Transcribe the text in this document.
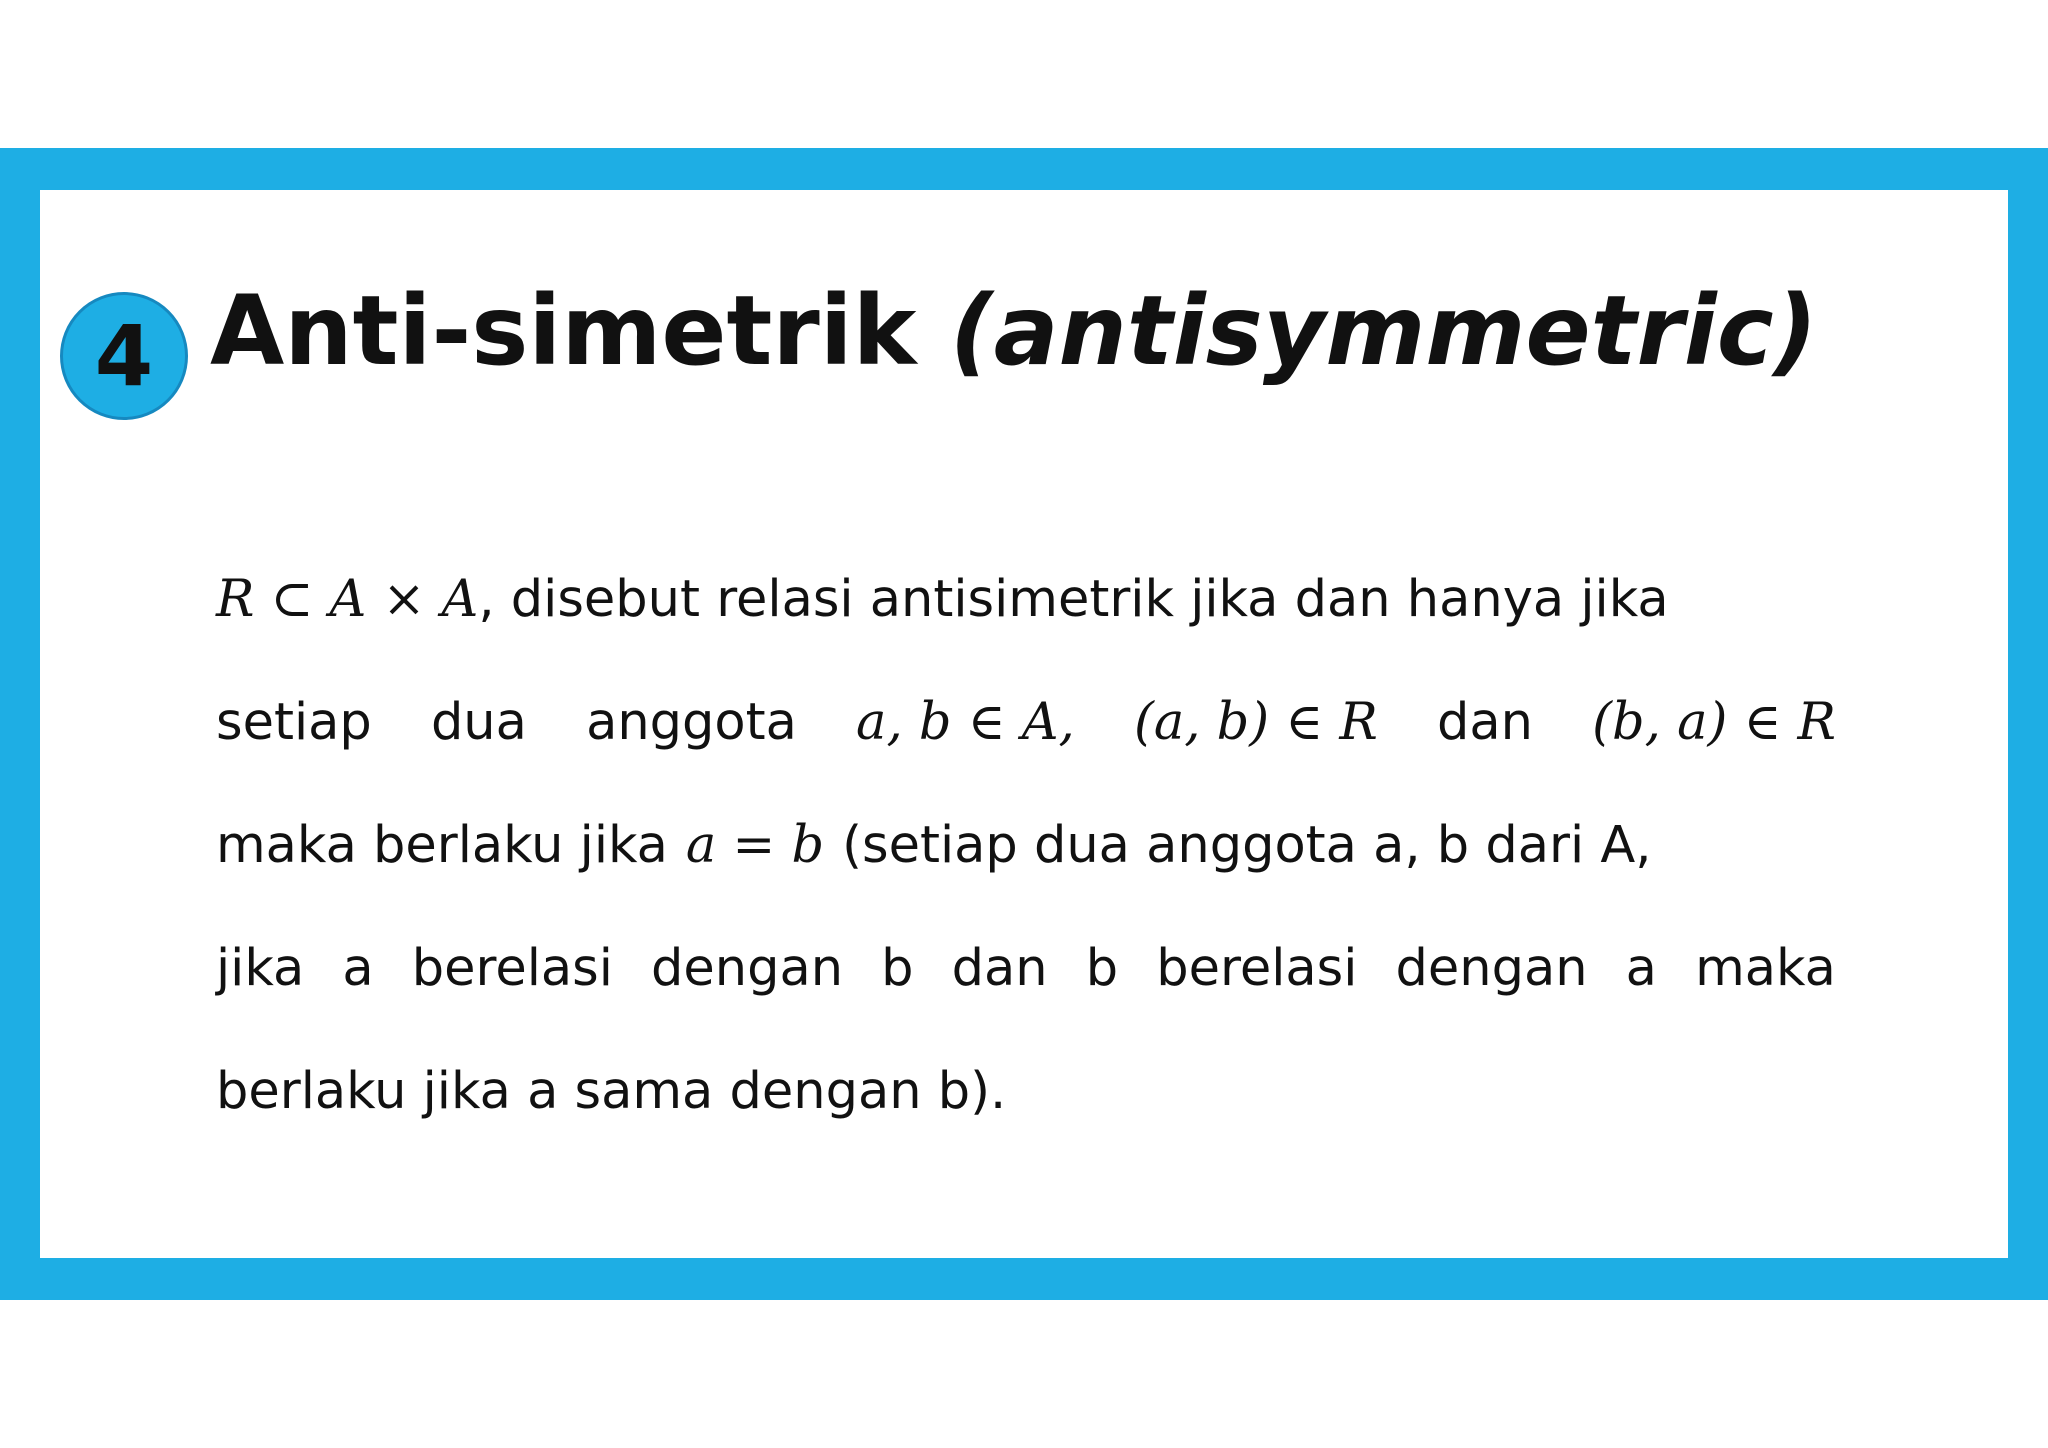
4 Anti-simetrik (antisymmetric)
R ⊂ A × A, disebut relasi antisimetrik jika dan hanya jika
setiap dua anggota a, b ∈ A, (a, b) ∈ R dan (b, a) ∈ R
maka berlaku jika a = b (setiap dua anggota a, b dari A,
jika a berelasi dengan b dan b berelasi dengan a maka
berlaku jika a sama dengan b).
